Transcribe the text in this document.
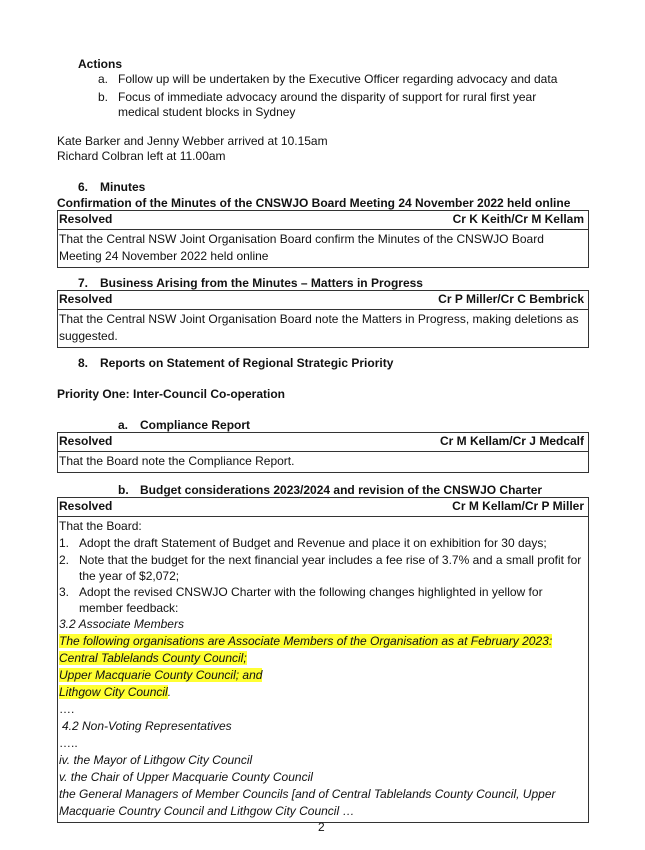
Actions
a. Follow up will be undertaken by the Executive Officer regarding advocacy and data
b. Focus of immediate advocacy around the disparity of support for rural first year medical student blocks in Sydney
Kate Barker and Jenny Webber arrived at 10.15am
Richard Colbran left at 11.00am
6. Minutes
Confirmation of the Minutes of the CNSWJO Board Meeting 24 November 2022 held online
Resolved	Cr K Keith/Cr M Kellam
That the Central NSW Joint Organisation Board confirm the Minutes of the CNSWJO Board Meeting 24 November 2022 held online
7. Business Arising from the Minutes – Matters in Progress
Resolved	Cr P Miller/Cr C Bembrick
That the Central NSW Joint Organisation Board note the Matters in Progress, making deletions as suggested.
8. Reports on Statement of Regional Strategic Priority
Priority One: Inter-Council Co-operation
a. Compliance Report
Resolved	Cr M Kellam/Cr J Medcalf
That the Board note the Compliance Report.
b. Budget considerations 2023/2024 and revision of the CNSWJO Charter
Resolved	Cr M Kellam/Cr P Miller
That the Board:
1. Adopt the draft Statement of Budget and Revenue and place it on exhibition for 30 days;
2. Note that the budget for the next financial year includes a fee rise of 3.7% and a small profit for the year of $2,072;
3. Adopt the revised CNSWJO Charter with the following changes highlighted in yellow for member feedback:
3.2 Associate Members
The following organisations are Associate Members of the Organisation as at February 2023:
Central Tablelands County Council;
Upper Macquarie County Council; and
Lithgow City Council.
….
4.2 Non-Voting Representatives
…..
iv. the Mayor of Lithgow City Council
v. the Chair of Upper Macquarie County Council
the General Managers of Member Councils [and of Central Tablelands County Council, Upper Macquarie Country Council and Lithgow City Council …
2
